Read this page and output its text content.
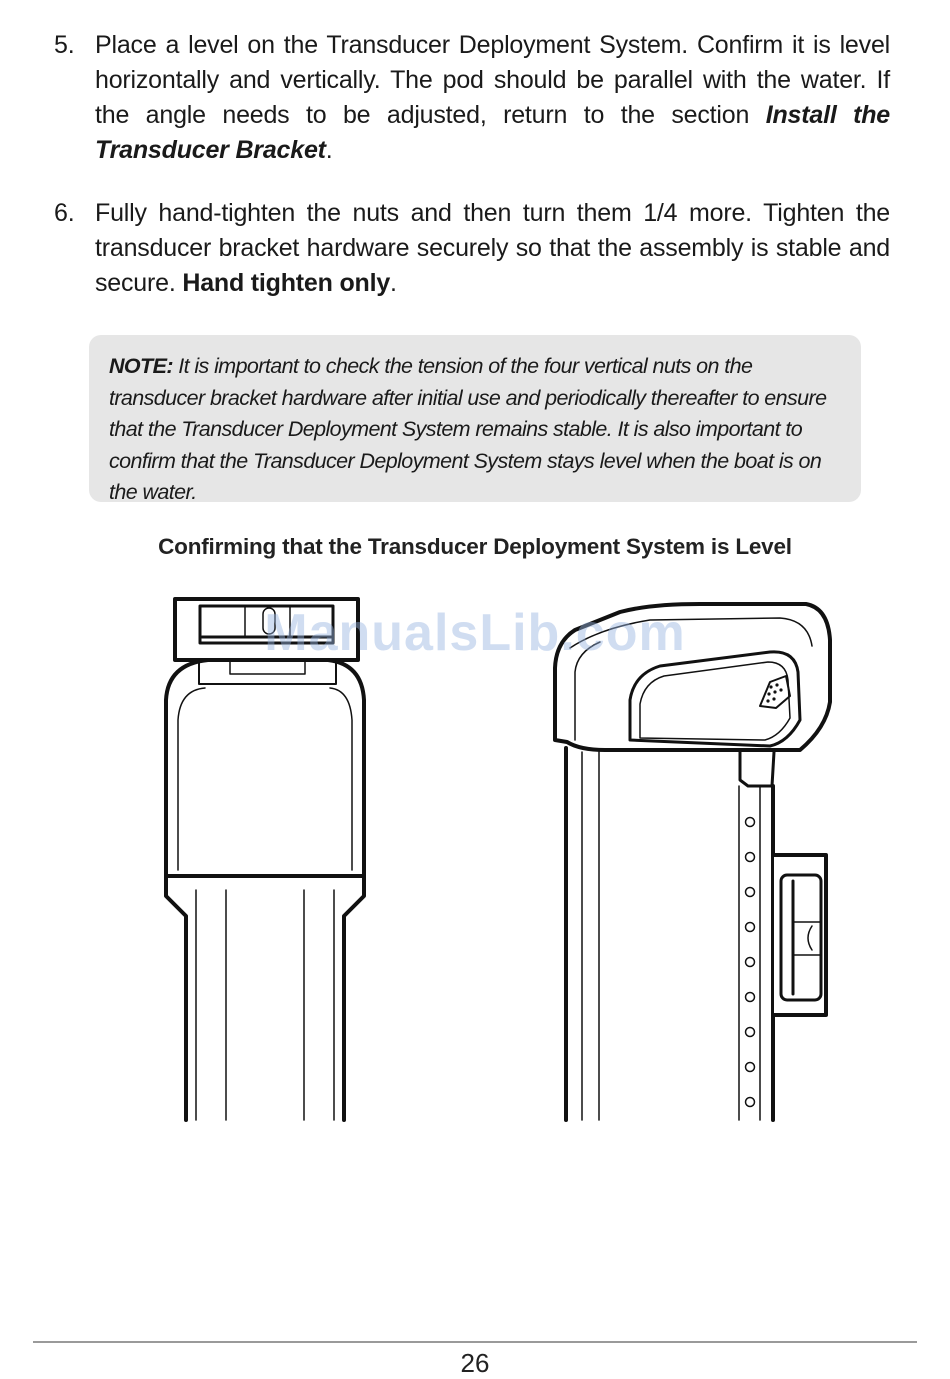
5. Place a level on the Transducer Deployment System. Confirm it is level horizontally and vertically. The pod should be parallel with the water. If the angle needs to be adjusted, return to the section Install the Transducer Bracket.
6. Fully hand-tighten the nuts and then turn them 1/4 more. Tighten the transducer bracket hardware securely so that the assembly is stable and secure. Hand tighten only.
NOTE: It is important to check the tension of the four vertical nuts on the transducer bracket hardware after initial use and periodically thereafter to ensure that the Transducer Deployment System remains stable. It is also important to confirm that the Transducer Deployment System stays level when the boat is on the water.
Confirming that the Transducer Deployment System is Level
ManualsLib.com
26
